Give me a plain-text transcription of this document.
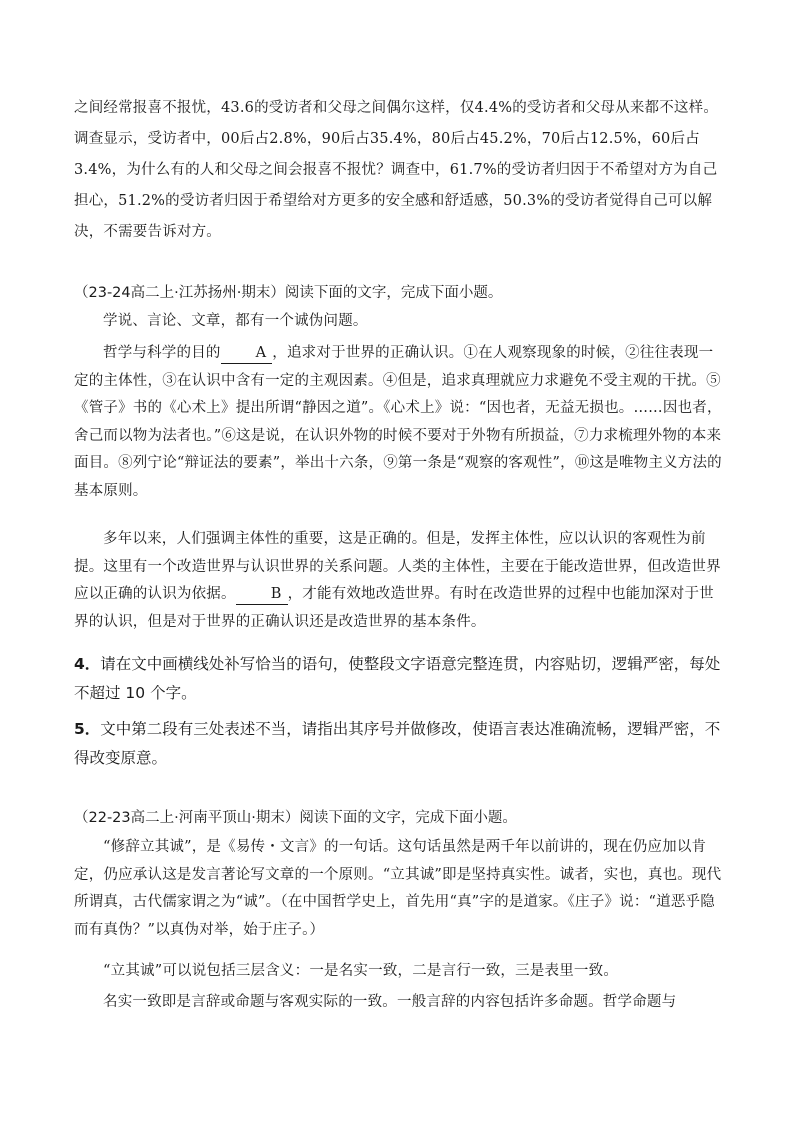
之间经常报喜不报忧，43.6的受访者和父母之间偶尔这样，仅4.4%的受访者和父母从来都不这样。调查显示，受访者中，00后占2.8%，90后占35.4%，80后占45.2%，70后占12.5%，60后占3.4%，为什么有的人和父母之间会报喜不报忧？调查中，61.7%的受访者归因于不希望对方为自己担心，51.2%的受访者归因于希望给对方更多的安全感和舒适感，50.3%的受访者觉得自己可以解决，不需要告诉对方。

（23-24高二上·江苏扬州·期末）阅读下面的文字，完成下面小题。

学说、言论、文章，都有一个诚伪问题。

哲学与科学的目的 A ，追求对于世界的正确认识。①在人观察现象的时候，②往往表现一定的主体性，③在认识中含有一定的主观因素。④但是，追求真理就应力求避免不受主观的干扰。⑤《管子》书的《心术上》提出所谓“静因之道”。《心术上》说：“因也者，无益无损也。……因也者，舍己而以物为法者也。”⑥这是说，在认识外物的时候不要对于外物有所损益，⑦力求梳理外物的本来面目。⑧列宁论“辩证法的要素”，举出十六条，⑨第一条是“观察的客观性”，⑩这是唯物主义方法的基本原则。

多年以来，人们强调主体性的重要，这是正确的。但是，发挥主体性，应以认识的客观性为前提。这里有一个改造世界与认识世界的关系问题。人类的主体性，主要在于能改造世界，但改造世界应以正确的认识为依据。 B ，才能有效地改造世界。有时在改造世界的过程中也能加深对于世界的认识，但是对于世界的正确认识还是改造世界的基本条件。

4．请在文中画横线处补写恰当的语句，使整段文字语意完整连贯，内容贴切，逻辑严密，每处不超过 10 个字。

5．文中第二段有三处表述不当，请指出其序号并做修改，使语言表达准确流畅，逻辑严密，不得改变原意。

（22-23高二上·河南平顶山·期末）阅读下面的文字，完成下面小题。

“修辞立其诚”，是《易传・文言》的一句话。这句话虽然是两千年以前讲的，现在仍应加以肯定，仍应承认这是发言著论写文章的一个原则。“立其诚”即是坚持真实性。诚者，实也，真也。现代所谓真，古代儒家谓之为“诚”。（在中国哲学史上，首先用“真”字的是道家。《庄子》说：“道恶乎隐而有真伪？”以真伪对举，始于庄子。）

“立其诚”可以说包括三层含义：一是名实一致，二是言行一致，三是表里一致。

名实一致即是言辞或命题与客观实际的一致。一般言辞的内容包括许多命题。哲学命题与
